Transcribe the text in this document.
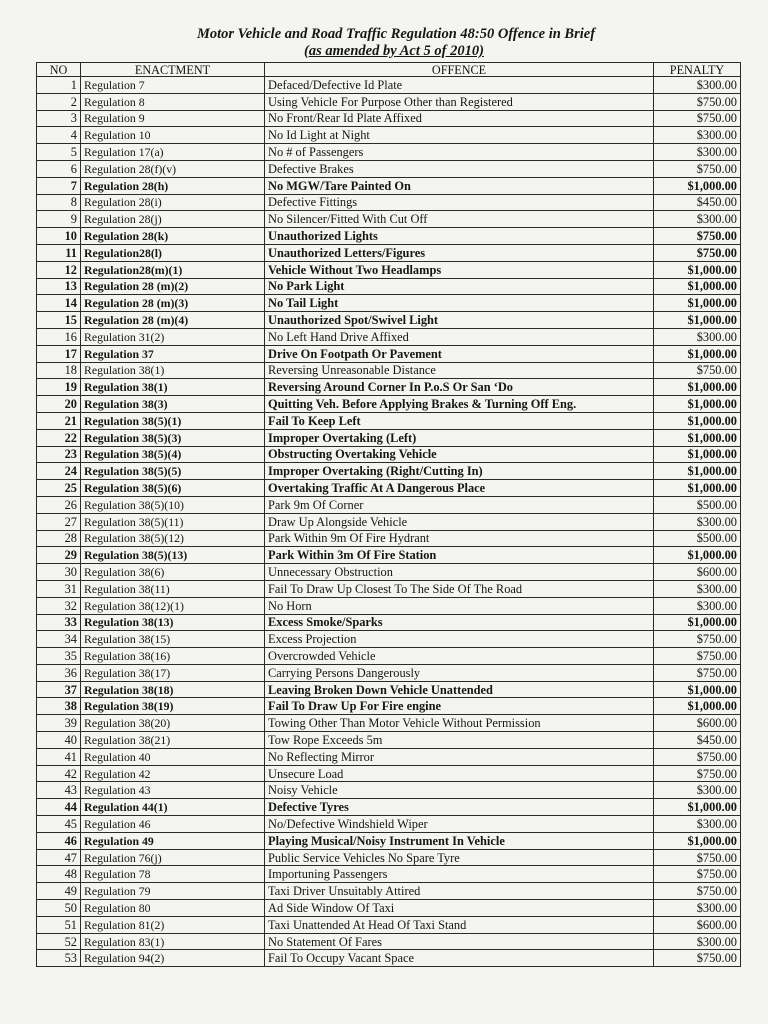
Motor Vehicle and Road Traffic Regulation 48:50 Offence in Brief
(as amended by Act 5 of 2010)
NO	ENACTMENT	OFFENCE	PENALTY
1	Regulation 7	Defaced/Defective Id Plate	$300.00
2	Regulation 8	Using Vehicle For Purpose Other than Registered	$750.00
3	Regulation 9	No Front/Rear Id Plate Affixed	$750.00
4	Regulation 10	No Id Light at Night	$300.00
5	Regulation 17(a)	No # of Passengers	$300.00
6	Regulation 28(f)(v)	Defective Brakes	$750.00
7	Regulation 28(h)	No MGW/Tare Painted On	$1,000.00
8	Regulation 28(i)	Defective Fittings	$450.00
9	Regulation 28(j)	No Silencer/Fitted With Cut Off	$300.00
10	Regulation 28(k)	Unauthorized Lights	$750.00
11	Regulation28(l)	Unauthorized Letters/Figures	$750.00
12	Regulation28(m)(1)	Vehicle Without Two Headlamps	$1,000.00
13	Regulation 28 (m)(2)	No Park Light	$1,000.00
14	Regulation 28 (m)(3)	No Tail Light	$1,000.00
15	Regulation 28 (m)(4)	Unauthorized Spot/Swivel Light	$1,000.00
16	Regulation 31(2)	No Left Hand Drive Affixed	$300.00
17	Regulation 37	Drive On Footpath Or Pavement	$1,000.00
18	Regulation 38(1)	Reversing Unreasonable Distance	$750.00
19	Regulation 38(1)	Reversing Around Corner In P.o.S Or San ‘Do	$1,000.00
20	Regulation 38(3)	Quitting Veh. Before Applying Brakes & Turning Off Eng.	$1,000.00
21	Regulation 38(5)(1)	Fail To Keep Left	$1,000.00
22	Regulation 38(5)(3)	Improper Overtaking (Left)	$1,000.00
23	Regulation 38(5)(4)	Obstructing Overtaking Vehicle	$1,000.00
24	Regulation 38(5)(5)	Improper Overtaking (Right/Cutting In)	$1,000.00
25	Regulation 38(5)(6)	Overtaking Traffic At A Dangerous Place	$1,000.00
26	Regulation 38(5)(10)	Park 9m Of Corner	$500.00
27	Regulation 38(5)(11)	Draw Up Alongside Vehicle	$300.00
28	Regulation 38(5)(12)	Park Within 9m Of Fire Hydrant	$500.00
29	Regulation 38(5)(13)	Park Within 3m Of Fire Station	$1,000.00
30	Regulation 38(6)	Unnecessary Obstruction	$600.00
31	Regulation 38(11)	Fail To Draw Up Closest To The Side Of The Road	$300.00
32	Regulation 38(12)(1)	No Horn	$300.00
33	Regulation 38(13)	Excess Smoke/Sparks	$1,000.00
34	Regulation 38(15)	Excess Projection	$750.00
35	Regulation 38(16)	Overcrowded Vehicle	$750.00
36	Regulation 38(17)	Carrying Persons Dangerously	$750.00
37	Regulation 38(18)	Leaving Broken Down Vehicle Unattended	$1,000.00
38	Regulation 38(19)	Fail To Draw Up For Fire engine	$1,000.00
39	Regulation 38(20)	Towing Other Than Motor Vehicle Without Permission	$600.00
40	Regulation 38(21)	Tow Rope Exceeds 5m	$450.00
41	Regulation 40	No Reflecting Mirror	$750.00
42	Regulation 42	Unsecure Load	$750.00
43	Regulation 43	Noisy Vehicle	$300.00
44	Regulation 44(1)	Defective Tyres	$1,000.00
45	Regulation 46	No/Defective Windshield Wiper	$300.00
46	Regulation 49	Playing Musical/Noisy Instrument In Vehicle	$1,000.00
47	Regulation 76(j)	Public Service Vehicles No Spare Tyre	$750.00
48	Regulation 78	Importuning Passengers	$750.00
49	Regulation 79	Taxi Driver Unsuitably Attired	$750.00
50	Regulation 80	Ad Side Window Of Taxi	$300.00
51	Regulation 81(2)	Taxi Unattended At Head Of Taxi Stand	$600.00
52	Regulation 83(1)	No Statement Of Fares	$300.00
53	Regulation 94(2)	Fail To Occupy Vacant Space	$750.00
